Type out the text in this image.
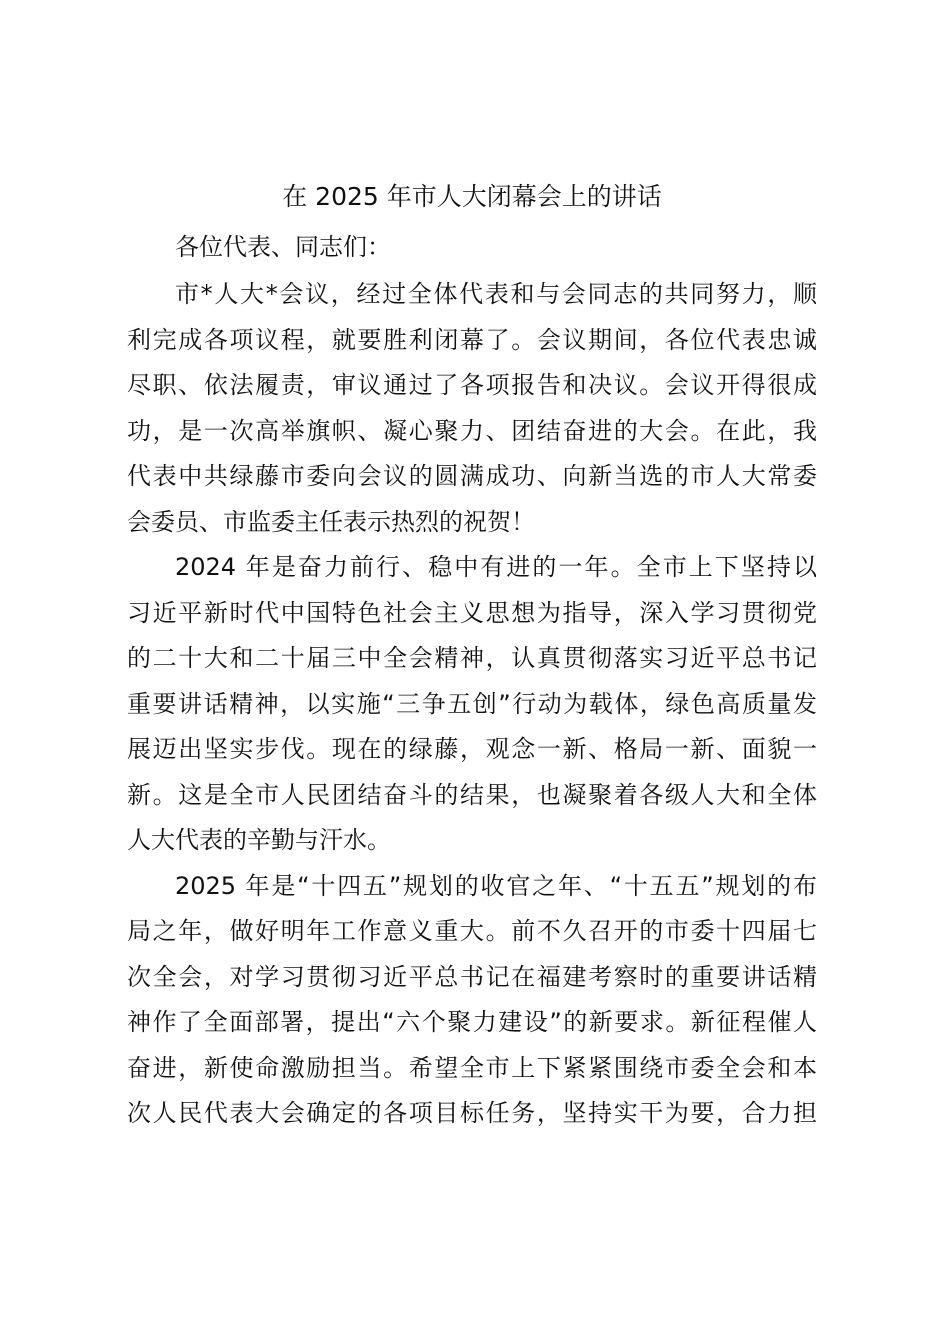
在 2025 年市人大闭幕会上的讲话

各位代表、同志们：

市*人大*会议，经过全体代表和与会同志的共同努力，顺
利完成各项议程，就要胜利闭幕了。会议期间，各位代表忠诚
尽职、依法履责，审议通过了各项报告和决议。会议开得很成
功，是一次高举旗帜、凝心聚力、团结奋进的大会。在此，我
代表中共绿藤市委向会议的圆满成功、向新当选的市人大常委
会委员、市监委主任表示热烈的祝贺！

2024 年是奋力前行、稳中有进的一年。全市上下坚持以
习近平新时代中国特色社会主义思想为指导，深入学习贯彻党
的二十大和二十届三中全会精神，认真贯彻落实习近平总书记
重要讲话精神，以实施“三争五创”行动为载体，绿色高质量发
展迈出坚实步伐。现在的绿藤，观念一新、格局一新、面貌一
新。这是全市人民团结奋斗的结果，也凝聚着各级人大和全体
人大代表的辛勤与汗水。

2025 年是“十四五”规划的收官之年、“十五五”规划的布
局之年，做好明年工作意义重大。前不久召开的市委十四届七
次全会，对学习贯彻习近平总书记在福建考察时的重要讲话精
神作了全面部署，提出“六个聚力建设”的新要求。新征程催人
奋进，新使命激励担当。希望全市上下紧紧围绕市委全会和本
次人民代表大会确定的各项目标任务，坚持实干为要，合力担
